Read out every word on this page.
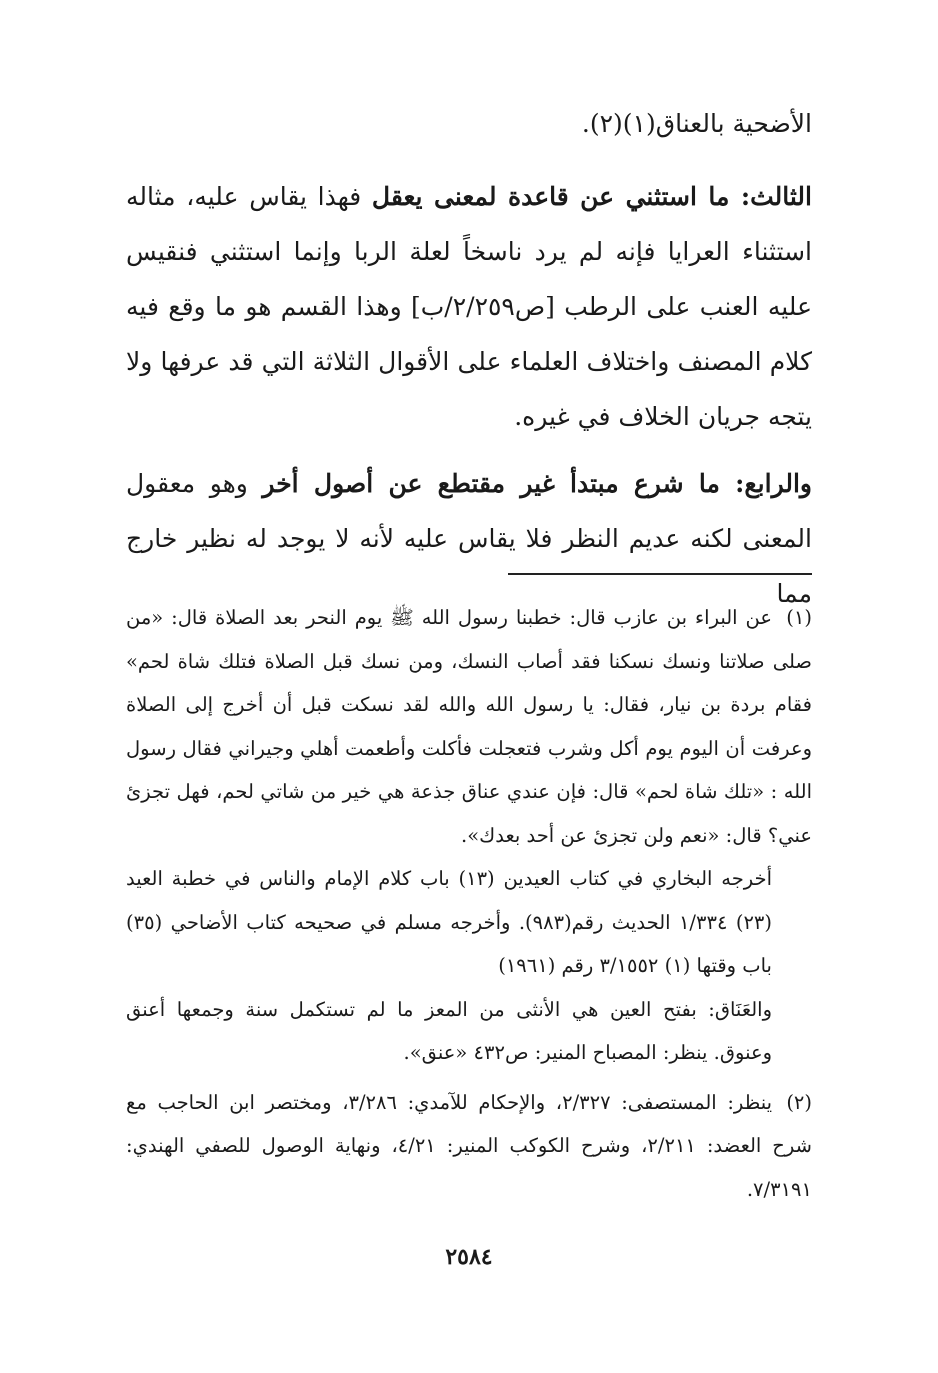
الأضحية بالعناق(١)(٢).

الثالث: ما استثني عن قاعدة لمعنى يعقل فهذا يقاس عليه، مثاله استثناء العرايا فإنه لم يرد ناسخاً لعلة الربا وإنما استثني فنقيس عليه العنب على الرطب [ص٢/٢٥٩/ب] وهذا القسم هو ما وقع فيه كلام المصنف واختلاف العلماء على الأقوال الثلاثة التي قد عرفها ولا يتجه جريان الخلاف في غيره.

والرابع: ما شرع مبتدأ غير مقتطع عن أصول أخر وهو معقول المعنى لكنه عديم النظر فلا يقاس عليه لأنه لا يوجد له نظير خارج مما

(١)عن البراء بن عازب قال: خطبنا رسول الله ﷺ يوم النحر بعد الصلاة قال: «من صلى صلاتنا ونسك نسكنا فقد أصاب النسك، ومن نسك قبل الصلاة فتلك شاة لحم» فقام بردة بن نيار، فقال: يا رسول الله والله لقد نسكت قبل أن أخرج إلى الصلاة وعرفت أن اليوم يوم أكل وشرب فتعجلت فأكلت وأطعمت أهلي وجيراني فقال رسول الله : «تلك شاة لحم» قال: فإن عندي عناق جذعة هي خير من شاتي لحم، فهل تجزئ عني؟ قال: «نعم ولن تجزئ عن أحد بعدك».

أخرجه البخاري في كتاب العيدين (١٣) باب كلام الإمام والناس في خطبة العيد (٢٣) ١/٣٣٤ الحديث رقم(٩٨٣). وأخرجه مسلم في صحيحه كتاب الأضاحي (٣٥) باب وقتها (١) ٣/١٥٥٢ رقم (١٩٦١)

والعَنَاق: بفتح العين هي الأنثى من المعز ما لم تستكمل سنة وجمعها أعنق وعنوق. ينظر: المصباح المنير: ص٤٣٢ «عنق».

(٢)ينظر: المستصفى: ٢/٣٢٧، والإحكام للآمدي: ٣/٢٨٦، ومختصر ابن الحاجب مع شرح العضد: ٢/٢١١، وشرح الكوكب المنير: ٤/٢١، ونهاية الوصول للصفي الهندي: ٧/٣١٩١.

٢٥٨٤
